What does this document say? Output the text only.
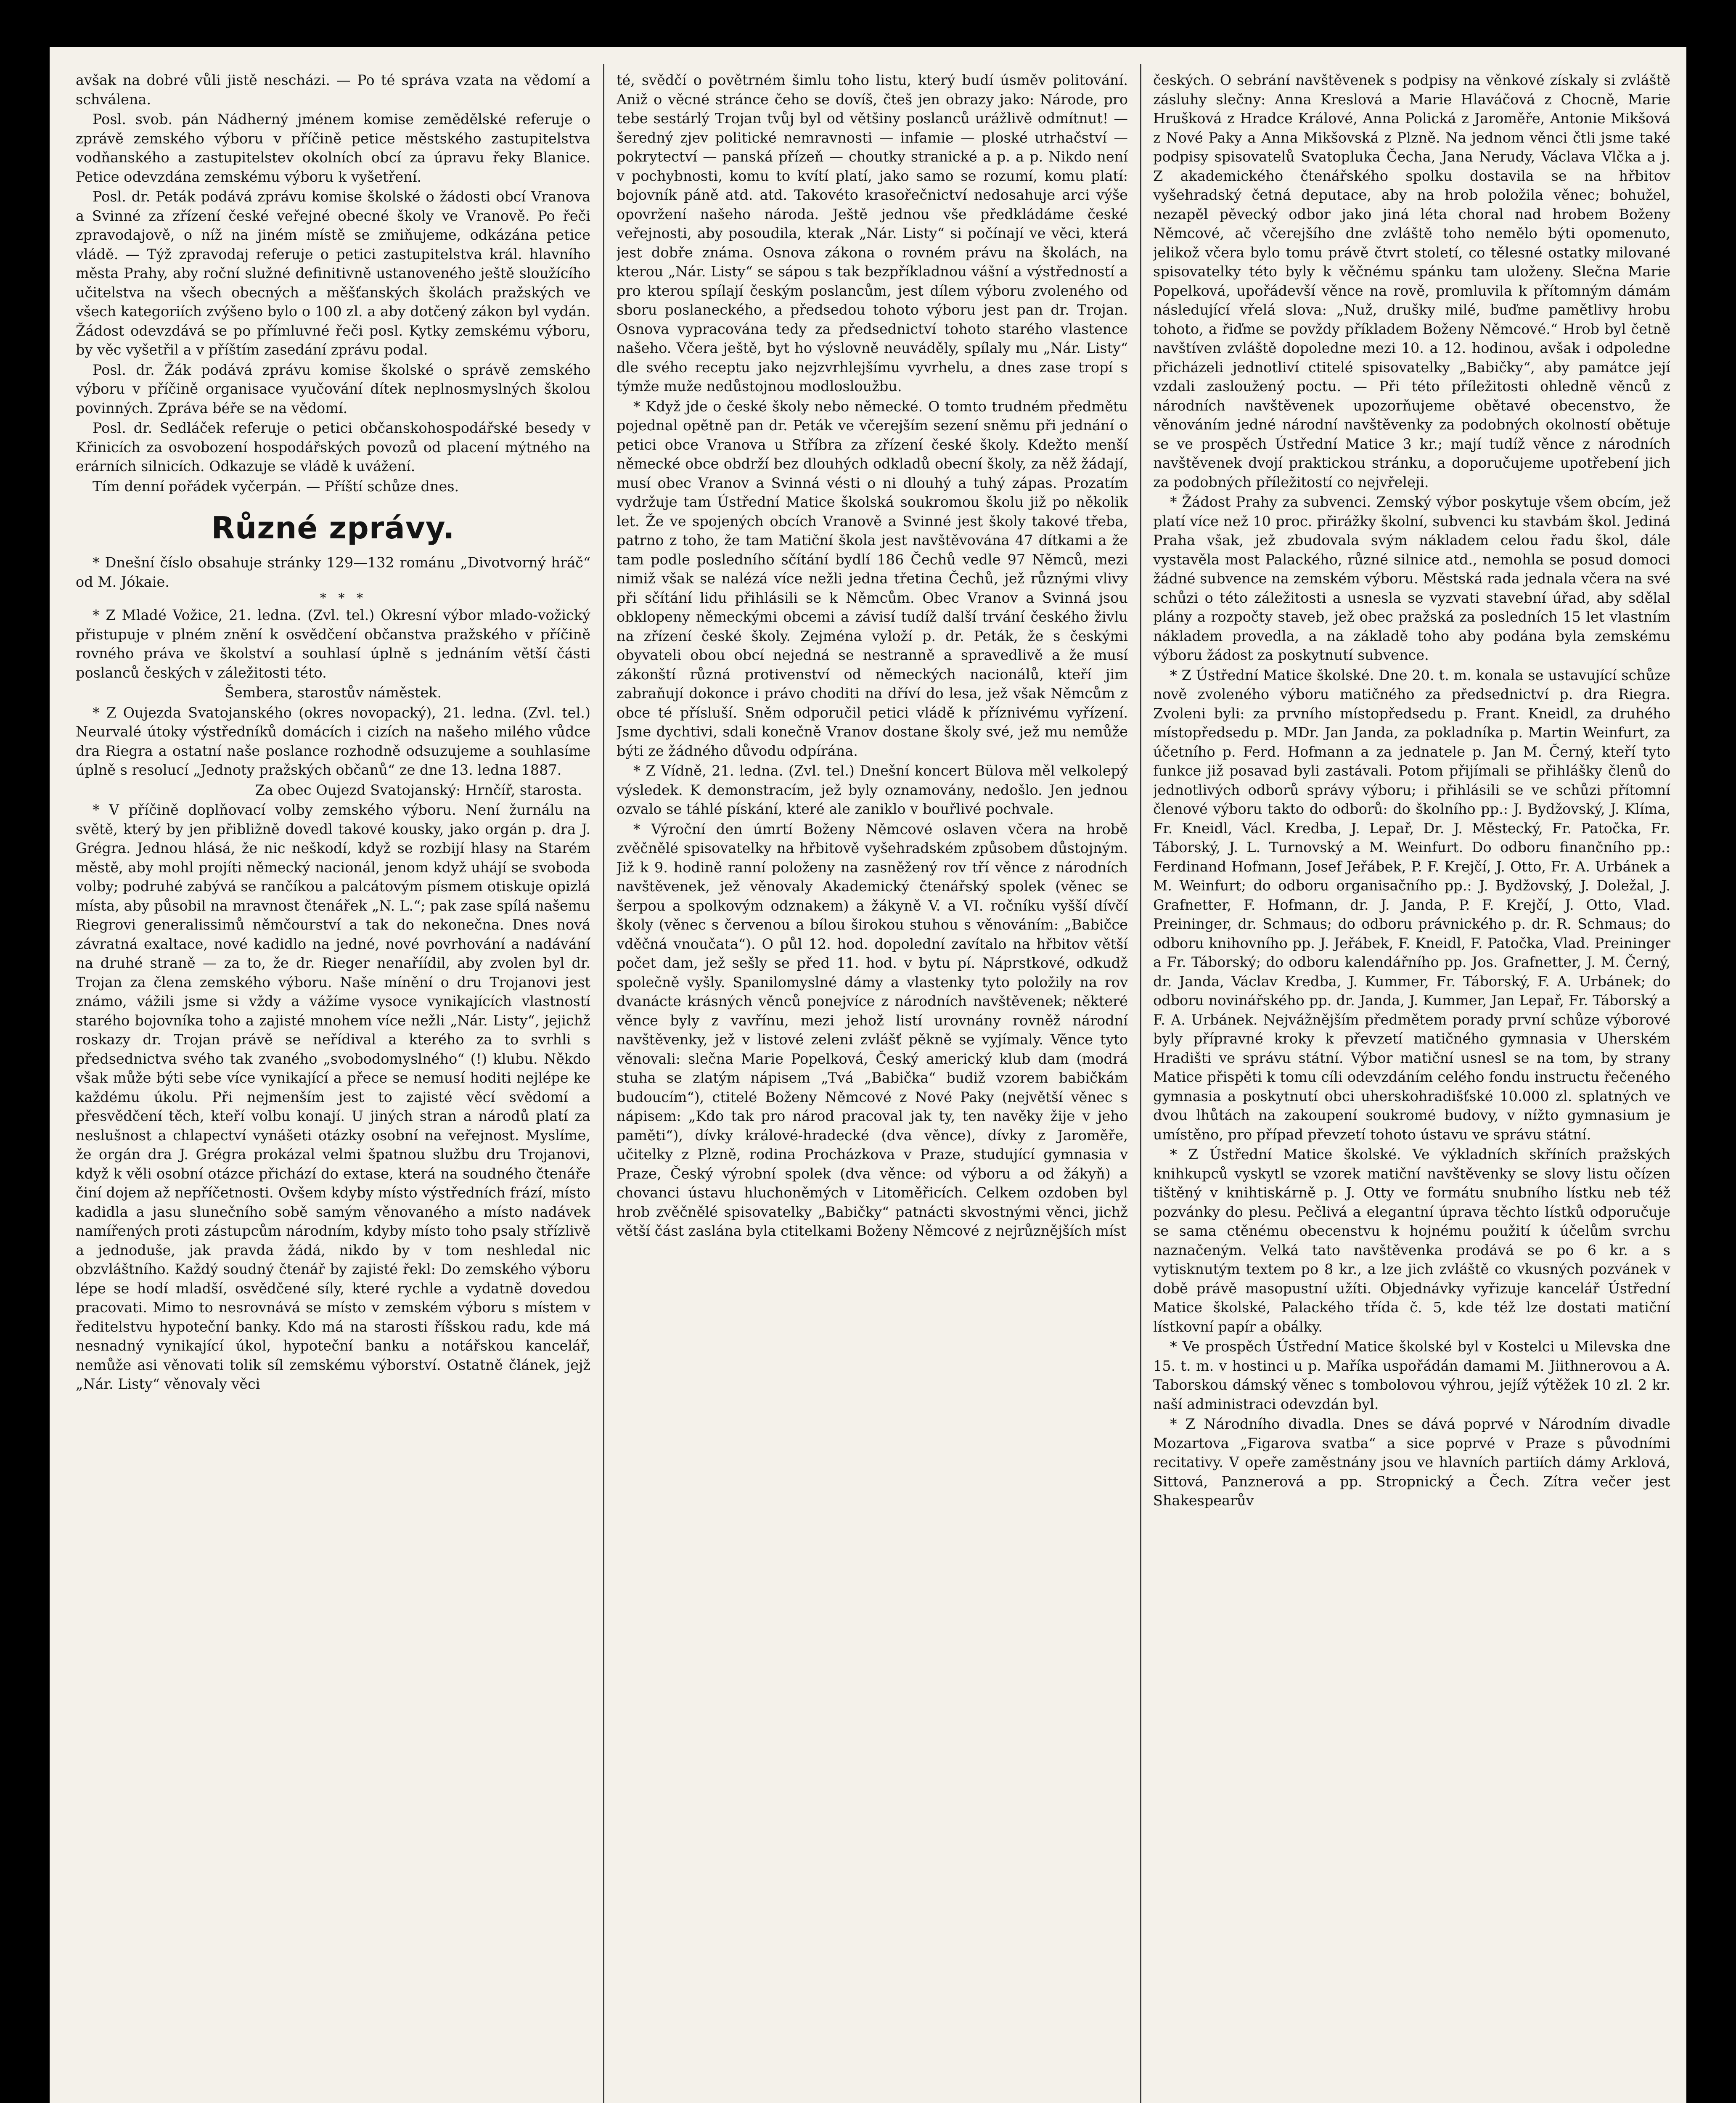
avšak na dobré vůli jistě nescházi. — Po té správa vzata na vědomí a schválena.

Posl. svob. pán Nádherný jménem komise zemědělské referuje o zprávě zemského výboru v příčině petice městského zastupitelstva vodňanského a zastupitelstev okolních obcí za úpravu řeky Blanice. Petice odevzdána zemskému výboru k vyšetření.

Posl. dr. Peták podává zprávu komise školské o žádosti obcí Vranova a Svinné za zřízení české veřejné obecné školy ve Vranově. Po řeči zpravodajově, o níž na jiném místě se zmiňujeme, odkázána petice vládě. — Týž zpravodaj referuje o petici zastupitelstva král. hlavního města Prahy, aby roční služné definitivně ustanoveného ještě sloužícího učitelstva na všech obecných a měšťanských školách pražských ve všech kategoriích zvýšeno bylo o 100 zl. a aby dotčený zákon byl vydán. Žádost odevzdává se po přímluvné řeči posl. Kytky zemskému výboru, by věc vyšetřil a v příštím zasedání zprávu podal.

Posl. dr. Žák podává zprávu komise školské o správě zemského výboru v příčině organisace vyučování dítek neplnosmyslných školou povinných. Zpráva béře se na vědomí.

Posl. dr. Sedláček referuje o petici občanskohospodářské besedy v Křinicích za osvobození hospodářských povozů od placení mýtného na erárních silnicích. Odkazuje se vládě k uvážení.

Tím denní pořádek vyčerpán. — Příští schůze dnes.

Různé zprávy.

* Dnešní číslo obsahuje stránky 129—132 románu „Divotvorný hráč“ od M. Jókaie.

*   *   *

* Z Mladé Vožice, 21. ledna. (Zvl. tel.) Okresní výbor mlado-vožický přistupuje v plném znění k osvědčení občanstva pražského v příčině rovného práva ve školství a souhlasí úplně s jednáním větší části poslanců českých v záležitosti této.

Šembera, starostův náměstek.

* Z Oujezda Svatojanského (okres novopacký), 21. ledna. (Zvl. tel.) Neurvalé útoky výstředníků domácích i cizích na našeho milého vůdce dra Riegra a ostatní naše poslance rozhodně odsuzujeme a souhlasíme úplně s resolucí „Jednoty pražských občanů“ ze dne 13. ledna 1887.

Za obec Oujezd Svatojanský: Hrnčíř, starosta.

* V příčině doplňovací volby zemského výboru. Není žurnálu na světě, který by jen přibližně dovedl takové kousky, jako orgán p. dra J. Grégra. Jednou hlásá, že nic neškodí, když se rozbijí hlasy na Starém městě, aby mohl projíti německý nacionál, jenom když uhájí se svoboda volby; podruhé zabývá se rančíkou a palcátovým písmem otiskuje opizlá místa, aby působil na mravnost čtenářek „N. L.“; pak zase spílá našemu Riegrovi generalissimů němčourství a tak do nekonečna. Dnes nová závratná exaltace, nové kadidlo na jedné, nové povrhování a nadávání na druhé straně — za to, že dr. Rieger nenaříídil, aby zvolen byl dr. Trojan za člena zemského výboru. Naše mínění o dru Trojanovi jest známo, vážili jsme si vždy a vážíme vysoce vynikajících vlastností starého bojovníka toho a zajisté mnohem více nežli „Nár. Listy“, jejichž roskazy dr. Trojan právě se neřídival a kterého za to svrhli s předsednictva svého tak zvaného „svobodomyslného“ (!) klubu. Někdo však může býti sebe více vynikající a přece se nemusí hoditi nejlépe ke každému úkolu. Při nejmenším jest to zajisté věcí svědomí a přesvědčení těch, kteří volbu konají. U jiných stran a národů platí za neslušnost a chlapectví vynášeti otázky osobní na veřejnost. Myslíme, že orgán dra J. Grégra prokázal velmi špatnou službu dru Trojanovi, když k věli osobní otázce přichází do extase, která na soudného čtenáře činí dojem až nepříčetnosti. Ovšem kdyby místo výstředních frází, místo kadidla a jasu slunečního sobě samým věnovaného a místo nadávek namířených proti zástupcům národním, kdyby místo toho psaly střízlivě a jednoduše, jak pravda žádá, nikdo by v tom neshledal nic obzvláštního. Každý soudný čtenář by zajisté řekl: Do zemského výboru lépe se hodí mladší, osvědčené síly, které rychle a vydatně dovedou pracovati. Mimo to nesrovnává se místo v zemském výboru s místem v ředitelstvu hypoteční banky. Kdo má na starosti říšskou radu, kde má nesnadný vynikající úkol, hypoteční banku a notářskou kancelář, nemůže asi věnovati tolik síl zemskému výborství. Ostatně článek, jejž „Nár. Listy“ věnovaly věci

té, svědčí o povětrném šimlu toho listu, který budí úsměv politování. Aniž o věcné stránce čeho se dovíš, čteš jen obrazy jako: Národe, pro tebe sestárlý Trojan tvůj byl od většiny poslanců urážlivě odmítnut! — šeredný zjev politické nemravnosti — infamie — ploské utrhačství — pokrytectví — panská přízeň — choutky stranické a p. a p. Nikdo není v pochybnosti, komu to kvítí platí, jako samo se rozumí, komu platí: bojovník páně atd. atd. Takovéto krasořečnictví nedosahuje arci výše opovržení našeho národa. Ještě jednou vše předkládáme české veřejnosti, aby posoudila, kterak „Nár. Listy“ si počínají ve věci, která jest dobře známa. Osnova zákona o rovném právu na školách, na kterou „Nár. Listy“ se sápou s tak bezpříkladnou vášní a výstředností a pro kterou spílají českým poslancům, jest dílem výboru zvoleného od sboru poslaneckého, a předsedou tohoto výboru jest pan dr. Trojan. Osnova vypracována tedy za předsednictví tohoto starého vlastence našeho. Včera ještě, byt ho výslovně neuváděly, spílaly mu „Nár. Listy“ dle svého receptu jako nejzvrhlejšímu vyvrhelu, a dnes zase tropí s týmže muže nedůstojnou modlosloužbu.

* Když jde o české školy nebo německé. O tomto trudném předmětu pojednal opětně pan dr. Peták ve včerejším sezení sněmu při jednání o petici obce Vranova u Stříbra za zřízení české školy. Kdežto menší německé obce obdrží bez dlouhých odkladů obecní školy, za něž žádají, musí obec Vranov a Svinná vésti o ni dlouhý a tuhý zápas. Prozatím vydržuje tam Ústřední Matice školská soukromou školu již po několik let. Že ve spojených obcích Vranově a Svinné jest školy takové třeba, patrno z toho, že tam Matiční škola jest navštěvována 47 dítkami a že tam podle posledního sčítání bydlí 186 Čechů vedle 97 Němců, mezi nimiž však se nalézá více nežli jedna třetina Čechů, jež různými vlivy při sčítání lidu přihlásili se k Němcům. Obec Vranov a Svinná jsou obklopeny německými obcemi a závisí tudíž další trvání českého živlu na zřízení české školy. Zejména vyloží p. dr. Peták, že s českými obyvateli obou obcí nejedná se nestranně a spravedlivě a že musí zákonští různá protivenství od německých nacionálů, kteří jim zabraňují dokonce i právo choditi na dříví do lesa, jež však Němcům z obce té přísluší. Sněm odporučil petici vládě k příznivému vyřízení. Jsme dychtivi, sdali konečně Vranov dostane školy své, jež mu nemůže býti ze žádného důvodu odpírána.

* Z Vídně, 21. ledna. (Zvl. tel.) Dnešní koncert Bülova měl velkolepý výsledek. K demonstracím, jež byly oznamovány, nedošlo. Jen jednou ozvalo se táhlé pískání, které ale zaniklo v bouřlivé pochvale.

* Výroční den úmrtí Boženy Němcové oslaven včera na hrobě zvěčnělé spisovatelky na hřbitově vyšehradském způsobem důstojným. Již k 9. hodině ranní položeny na zasněžený rov tří věnce z národních navštěvenek, jež věnovaly Akademický čtenářský spolek (věnec se šerpou a spolkovým odznakem) a žákyně V. a VI. ročníku vyšší dívčí školy (věnec s červenou a bílou širokou stuhou s věnováním: „Babičce vděčná vnoučata“). O půl 12. hod. dopolední zavítalo na hřbitov větší počet dam, jež sešly se před 11. hod. v bytu pí. Náprstkové, odkudž společně vyšly. Spanilomyslné dámy a vlastenky tyto položily na rov dvanácte krásných věnců ponejvíce z národních navštěvenek; některé věnce byly z vavřínu, mezi jehož listí urovnány rovněž národní navštěvenky, jež v listové zeleni zvlášť pěkně se vyjímaly. Věnce tyto věnovali: slečna Marie Popelková, Český americký klub dam (modrá stuha se zlatým nápisem „Tvá „Babička“ budiž vzorem babičkám budoucím“), ctitelé Boženy Němcové z Nové Paky (největší věnec s nápisem: „Kdo tak pro národ pracoval jak ty, ten navěky žije v jeho paměti“), dívky králové-hradecké (dva věnce), dívky z Jaroměře, učitelky z Plzně, rodina Procházkova v Praze, studující gymnasia v Praze, Český výrobní spolek (dva věnce: od výboru a od žákyň) a chovanci ústavu hluchoněmých v Litoměřicích. Celkem ozdoben byl hrob zvěčnělé spisovatelky „Babičky“ patnácti skvostnými věnci, jichž větší část zaslána byla ctitelkami Boženy Němcové z nejrůznějších míst

českých. O sebrání navštěvenek s podpisy na věnkové získaly si zvláště zásluhy slečny: Anna Kreslová a Marie Hlaváčová z Chocně, Marie Hrušková z Hradce Králové, Anna Polická z Jaroměře, Antonie Mikšová z Nové Paky a Anna Mikšovská z Plzně. Na jednom věnci čtli jsme také podpisy spisovatelů Svatopluka Čecha, Jana Nerudy, Václava Vlčka a j. Z akademického čtenářského spolku dostavila se na hřbitov vyšehradský četná deputace, aby na hrob položila věnec; bohužel, nezapěl pěvecký odbor jako jiná léta choral nad hrobem Boženy Němcové, ač včerejšího dne zvláště toho nemělo býti opomenuto, jelikož včera bylo tomu právě čtvrt století, co tělesné ostatky milované spisovatelky této byly k věčnému spánku tam uloženy. Slečna Marie Popelková, upořádevší věnce na rově, promluvila k přítomným dámám následující vřelá slova: „Nuž, drušky milé, buďme pamětlivy hrobu tohoto, a řiďme se povždy příkladem Boženy Němcové.“ Hrob byl četně navštíven zvláště dopoledne mezi 10. a 12. hodinou, avšak i odpoledne přicházeli jednotliví ctitelé spisovatelky „Babičky“, aby památce její vzdali zasloužený poctu. — Při této příležitosti ohledně věnců z národních navštěvenek upozorňujeme obětavé obecenstvo, že věnováním jedné národní navštěvenky za podobných okolností obětuje se ve prospěch Ústřední Matice 3 kr.; mají tudíž věnce z národních navštěvenek dvojí praktickou stránku, a doporučujeme upotřebení jich za podobných příležitostí co nejvřeleji.

* Žádost Prahy za subvenci. Zemský výbor poskytuje všem obcím, jež platí více než 10 proc. přirážky školní, subvenci ku stavbám škol. Jediná Praha však, jež zbudovala svým nákladem celou řadu škol, dále vystavěla most Palackého, různé silnice atd., nemohla se posud domoci žádné subvence na zemském výboru. Městská rada jednala včera na své schůzi o této záležitosti a usnesla se vyzvati stavební úřad, aby sdělal plány a rozpočty staveb, jež obec pražská za posledních 15 let vlastním nákladem provedla, a na základě toho aby podána byla zemskému výboru žádost za poskytnutí subvence.

* Z Ústřední Matice školské. Dne 20. t. m. konala se ustavující schůze nově zvoleného výboru matičného za předsednictví p. dra Riegra. Zvoleni byli: za prvního místopředsedu p. Frant. Kneidl, za druhého místopředsedu p. MDr. Jan Janda, za pokladníka p. Martin Weinfurt, za účetního p. Ferd. Hofmann a za jednatele p. Jan M. Černý, kteří tyto funkce již posavad byli zastávali. Potom přijímali se přihlášky členů do jednotlivých odborů správy výboru; i přihlásili se ve schůzi přítomní členové výboru takto do odborů: do školního pp.: J. Bydžovský, J. Klíma, Fr. Kneidl, Václ. Kredba, J. Lepař, Dr. J. Městecký, Fr. Patočka, Fr. Táborský, J. L. Turnovský a M. Weinfurt. Do odboru finančního pp.: Ferdinand Hofmann, Josef Jeřábek, P. F. Krejčí, J. Otto, Fr. A. Urbánek a M. Weinfurt; do odboru organisačního pp.: J. Bydžovský, J. Doležal, J. Grafnetter, F. Hofmann, dr. J. Janda, P. F. Krejčí, J. Otto, Vlad. Preininger, dr. Schmaus; do odboru právnického p. dr. R. Schmaus; do odboru knihovního pp. J. Jeřábek, F. Kneidl, F. Patočka, Vlad. Preininger a Fr. Táborský; do odboru kalendářního pp. Jos. Grafnetter, J. M. Černý, dr. Janda, Václav Kredba, J. Kummer, Fr. Táborský, F. A. Urbánek; do odboru novinářského pp. dr. Janda, J. Kummer, Jan Lepař, Fr. Táborský a F. A. Urbánek. Nejvážnějším předmětem porady první schůze výborové byly přípravné kroky k převzetí matičného gymnasia v Uherském Hradišti ve správu státní. Výbor matiční usnesl se na tom, by strany Matice přispěti k tomu cíli odevzdáním celého fondu instructu řečeného gymnasia a poskytnutí obci uherskohradišťské 10.000 zl. splatných ve dvou lhůtách na zakoupení soukromé budovy, v nížto gymnasium je umístěno, pro případ převzetí tohoto ústavu ve správu státní.

* Z Ústřední Matice školské. Ve výkladních skříních pražských knihkupců vyskytl se vzorek matiční navštěvenky se slovy listu očízen tištěný v knihtiskárně p. J. Otty ve formátu snubního lístku neb též pozvánky do plesu. Pečlivá a elegantní úprava těchto lístků odporučuje se sama ctěnému obecenstvu k hojnému použití k účelům svrchu naznačeným. Velká tato navštěvenka prodává se po 6 kr. a s vytisknutým textem po 8 kr., a lze jich zvláště co vkusných pozvánek v době právě masopustní užíti. Objednávky vyřizuje kancelář Ústřední Matice školské, Palackého třída č. 5, kde též lze dostati matiční lístkovní papír a obálky.

* Ve prospěch Ústřední Matice školské byl v Kostelci u Milevska dne 15. t. m. v hostinci u p. Maříka uspořádán damami M. Jiithnerovou a A. Taborskou dámský věnec s tombolovou výhrou, jejíž výtěžek 10 zl. 2 kr. naší administraci odevzdán byl.

* Z Národního divadla. Dnes se dává poprvé v Národním divadle Mozartova „Figarova svatba“ a sice poprvé v Praze s původními recitativy. V opeře zaměstnány jsou ve hlavních partiích dámy Arklová, Sittová, Panznerová a pp. Stropnický a Čech. Zítra večer jest Shakespearův
